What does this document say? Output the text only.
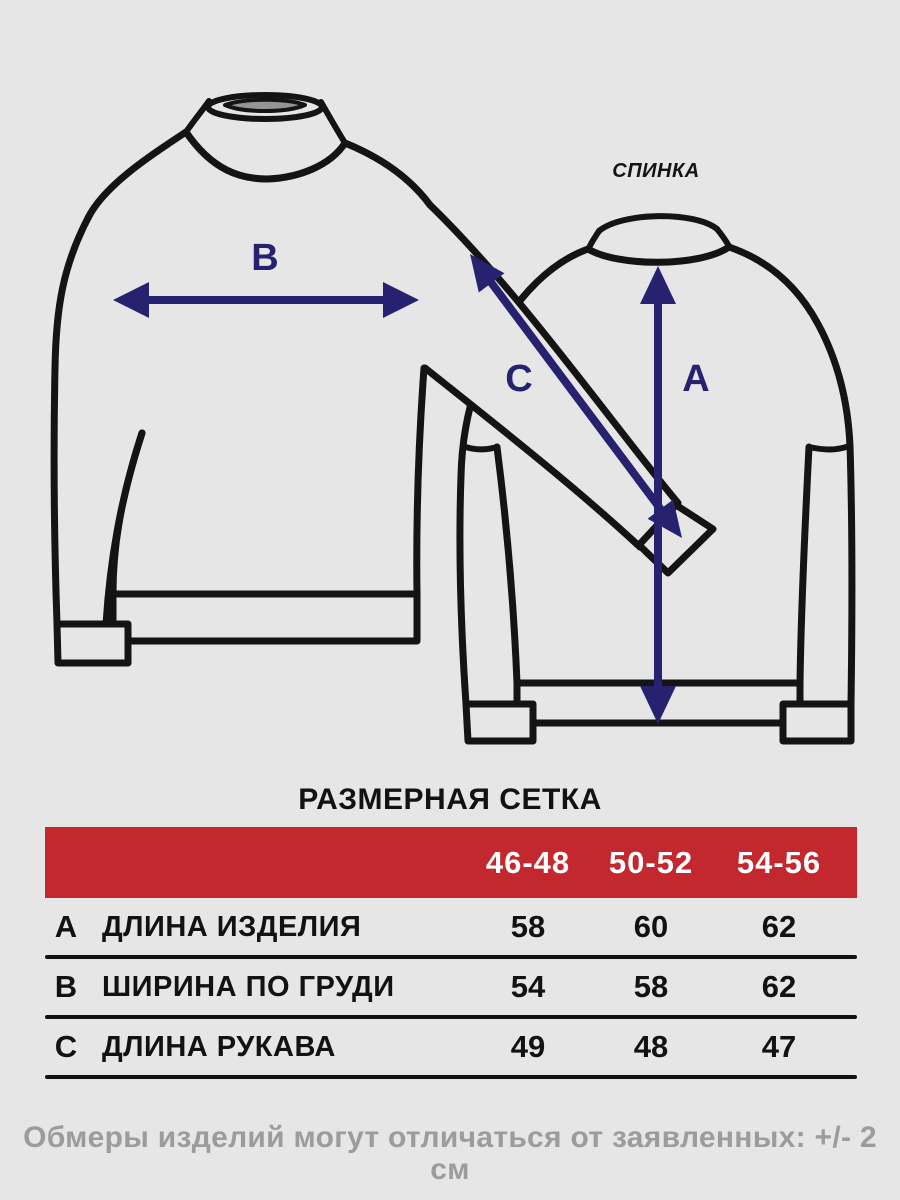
B
C	A
СПИНКА
РАЗМЕРНАЯ СЕТКА
46-48	50-52	54-56
A ДЛИНА ИЗДЕЛИЯ	58	60	62
B ШИРИНА ПО ГРУДИ	54	58	62
C ДЛИНА РУКАВА	49	48	47
Обмеры изделий могут отличаться от заявленных: +/- 2 см
